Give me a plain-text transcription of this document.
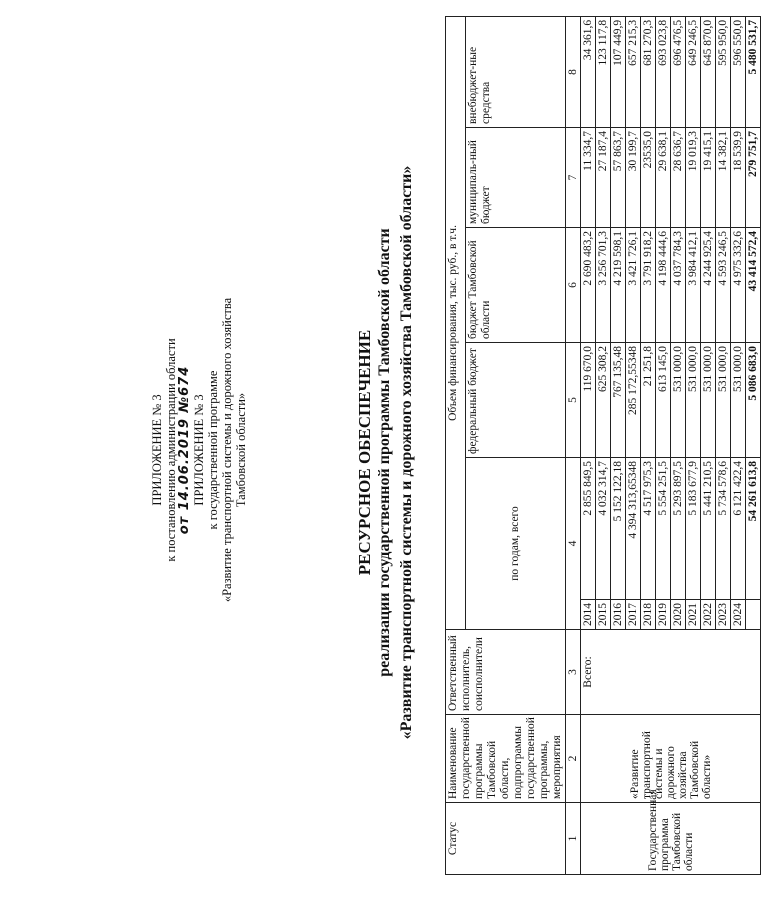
ПРИЛОЖЕНИЕ № 3 к постановлению администрации области от 14.06.2019 №674 ПРИЛОЖЕНИЕ № 3 к государственной программе «Развитие транспортной системы и дорожного хозяйства Тамбовской области»	РЕСУРСНОЕ ОБЕСПЕЧЕНИЕ реализации государственной программы Тамбовской области «Развитие транспортной системы и дорожного хозяйства Тамбовской области»
Статус	Наименование государственной программы Тамбовской области, подпрограммы государственной программы, мероприятия	Ответственный исполнитель, соисполнители	Объем финансирования, тыс. руб., в т.ч.					
			по годам, всего		федеральный бюджет	бюджет Тамбовской области	муниципаль-ный бюджет	внебюджет-ные средства
1	2	3	4		5	6	7	8
Государственная программа Тамбовской области	«Развитие транспортной системы и дорожного хозяйства Тамбовской области»	Всего:	2014	2 855 849,5	119 670,0	2 690 483,2	11 334,7	34 361,6
			2015	4 032 314,7	625 308,2	3 256 701,3	27 187,4	123 117,8
			2016	5 152 122,18	767 135,48	4 219 598,1	57 863,7	107 449,9
			2017	4 394 313,65348	285 172,55348	3 421 726,1	30 199,7	657 215,3
			2018	4 517 975,3	21 251,8	3 791 918,2	23535,0	681 270,3
			2019	5 554 251,5	613 145,0	4 198 444,6	29 638,1	693 023,8
			2020	5 293 897,5	531 000,0	4 037 784,3	28 636,7	696 476,5
			2021	5 183 677,9	531 000,0	3 984 412,1	19 019,3	649 246,5
			2022	5 441 210,5	531 000,0	4 244 925,4	19 415,1	645 870,0
			2023	5 734 578,6	531 000,0	4 593 246,5	14 382,1	595 950,0
			2024	6 121 422,4	531 000,0	4 975 332,6	18 539,9	596 550,0
				54 261 613,8	5 086 683,0	43 414 572,4	279 751,7	5 480 531,7
